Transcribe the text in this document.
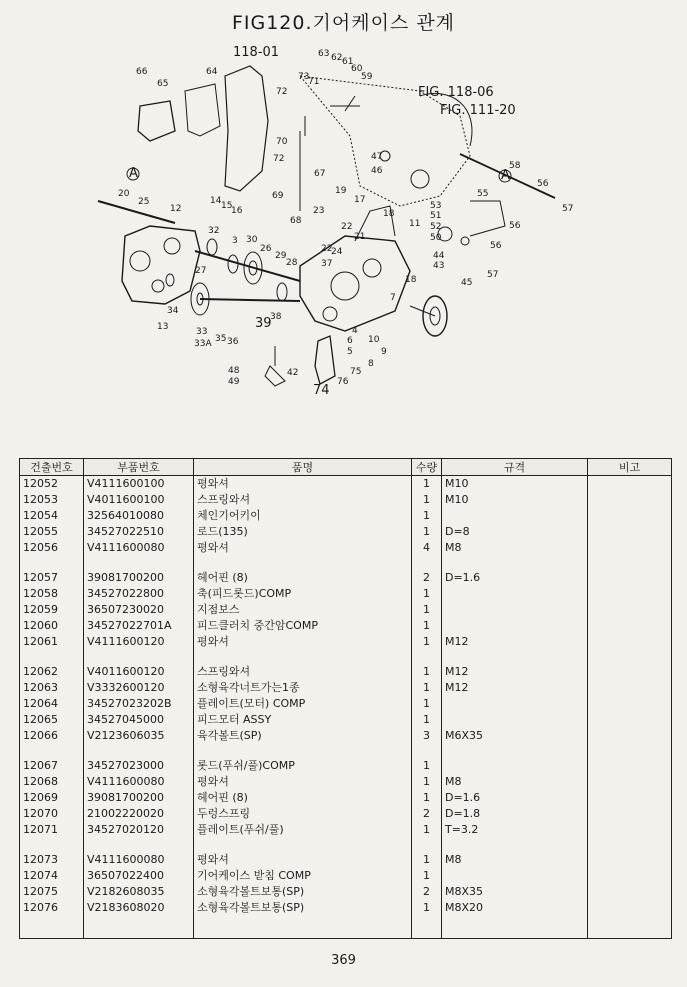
FIG120.기어케이스 관계
A	A
118-01	63 62 61
60
59
73
71
72
66
65
64
70
72
67
69
68
47
46
FIG. 118-06
FIG. 111-20
58
56
57
55
56
53
51
52
50
56
44
43
57
45
20
25
12
14 15
16
19
17
18
22
21
23
24
22
37
26
29
28
27
30
3
32
34
13	33
33A 35 36
39
38
11
18
9
10
8
7
6
5
4
42
48
49
74
75
76
건출번호	부품번호	품명	수량	규격	비고
12052	V4111600100	평와셔	1	M10	
12053	V4011600100	스프링와셔	1	M10	
12054	32564010080	체인기어키이	1		
12055	34527022510	로드(135)	1	D=8	
12056	V4111600080	평와셔	4	M8	

12057	39081700200	헤어핀 (8)	2	D=1.6	
12058	34527022800	축(피드롯드)COMP	1		
12059	36507230020	지점보스	1		
12060	34527022701A	피드클러치 중간암COMP	1		
12061	V4111600120	평와셔	1	M12	

12062	V4011600120	스프링와셔	1	M12	
12063	V3332600120	소형육각너트가는1종	1	M12	
12064	34527023202B	플레이트(모터) COMP	1		
12065	34527045000	피드모터 ASSY	1		
12066	V2123606035	육각볼트(SP)	3	M6X35	

12067	34527023000	롯드(푸쉬/풀)COMP	1		
12068	V4111600080	평와셔	1	M8	
12069	39081700200	헤어핀 (8)	1	D=1.6	
12070	21002220020	두렁스프링	2	D=1.8	
12071	34527020120	플레이트(푸쉬/풀)	1	T=3.2	

12073	V4111600080	평와셔	1	M8	
12074	36507022400	기어케이스 받침 COMP	1		
12075	V2182608035	소형육각볼트보통(SP)	2	M8X35	
12076	V2183608020	소형육각볼트보통(SP)	1	M8X20	

369
